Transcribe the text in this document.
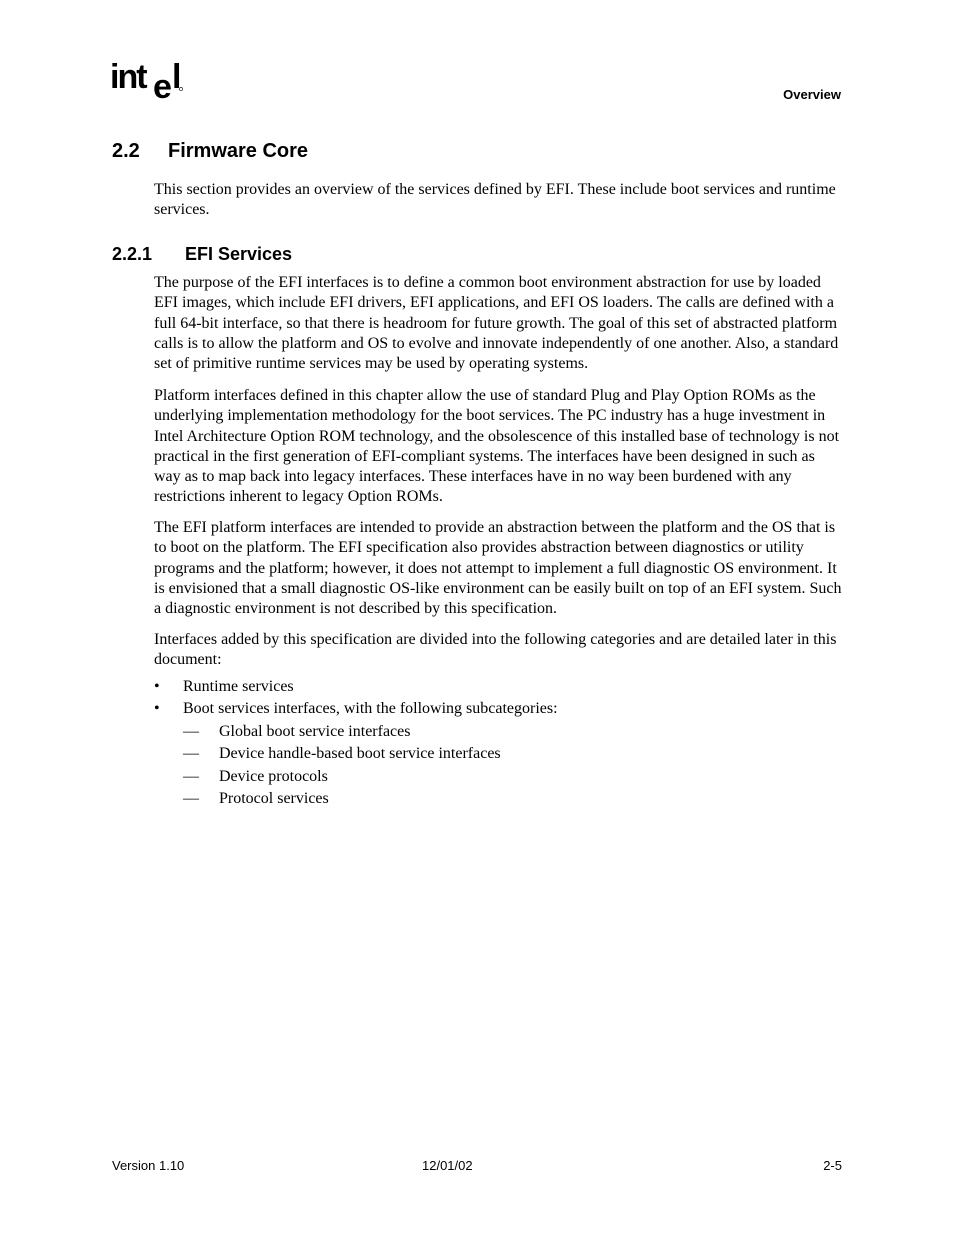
int e l	Overview
2.2 Firmware Core

This section provides an overview of the services defined by EFI. These include boot services and runtime services.

2.2.1 EFI Services

The purpose of the EFI interfaces is to define a common boot environment abstraction for use by loaded EFI images, which include EFI drivers, EFI applications, and EFI OS loaders. The calls are defined with a full 64-bit interface, so that there is headroom for future growth. The goal of this set of abstracted platform calls is to allow the platform and OS to evolve and innovate independently of one another. Also, a standard set of primitive runtime services may be used by operating systems.

Platform interfaces defined in this chapter allow the use of standard Plug and Play Option ROMs as the underlying implementation methodology for the boot services. The PC industry has a huge investment in Intel Architecture Option ROM technology, and the obsolescence of this installed base of technology is not practical in the first generation of EFI-compliant systems. The interfaces have been designed in such as way as to map back into legacy interfaces. These interfaces have in no way been burdened with any restrictions inherent to legacy Option ROMs.

The EFI platform interfaces are intended to provide an abstraction between the platform and the OS that is to boot on the platform. The EFI specification also provides abstraction between diagnostics or utility programs and the platform; however, it does not attempt to implement a full diagnostic OS environment. It is envisioned that a small diagnostic OS-like environment can be easily built on top of an EFI system. Such a diagnostic environment is not described by this specification.

Interfaces added by this specification are divided into the following categories and are detailed later in this document:

• Runtime services
• Boot services interfaces, with the following subcategories:
— Global boot service interfaces
— Device handle-based boot service interfaces
— Device protocols
— Protocol services
Version 1.10	12/01/02	2-5
